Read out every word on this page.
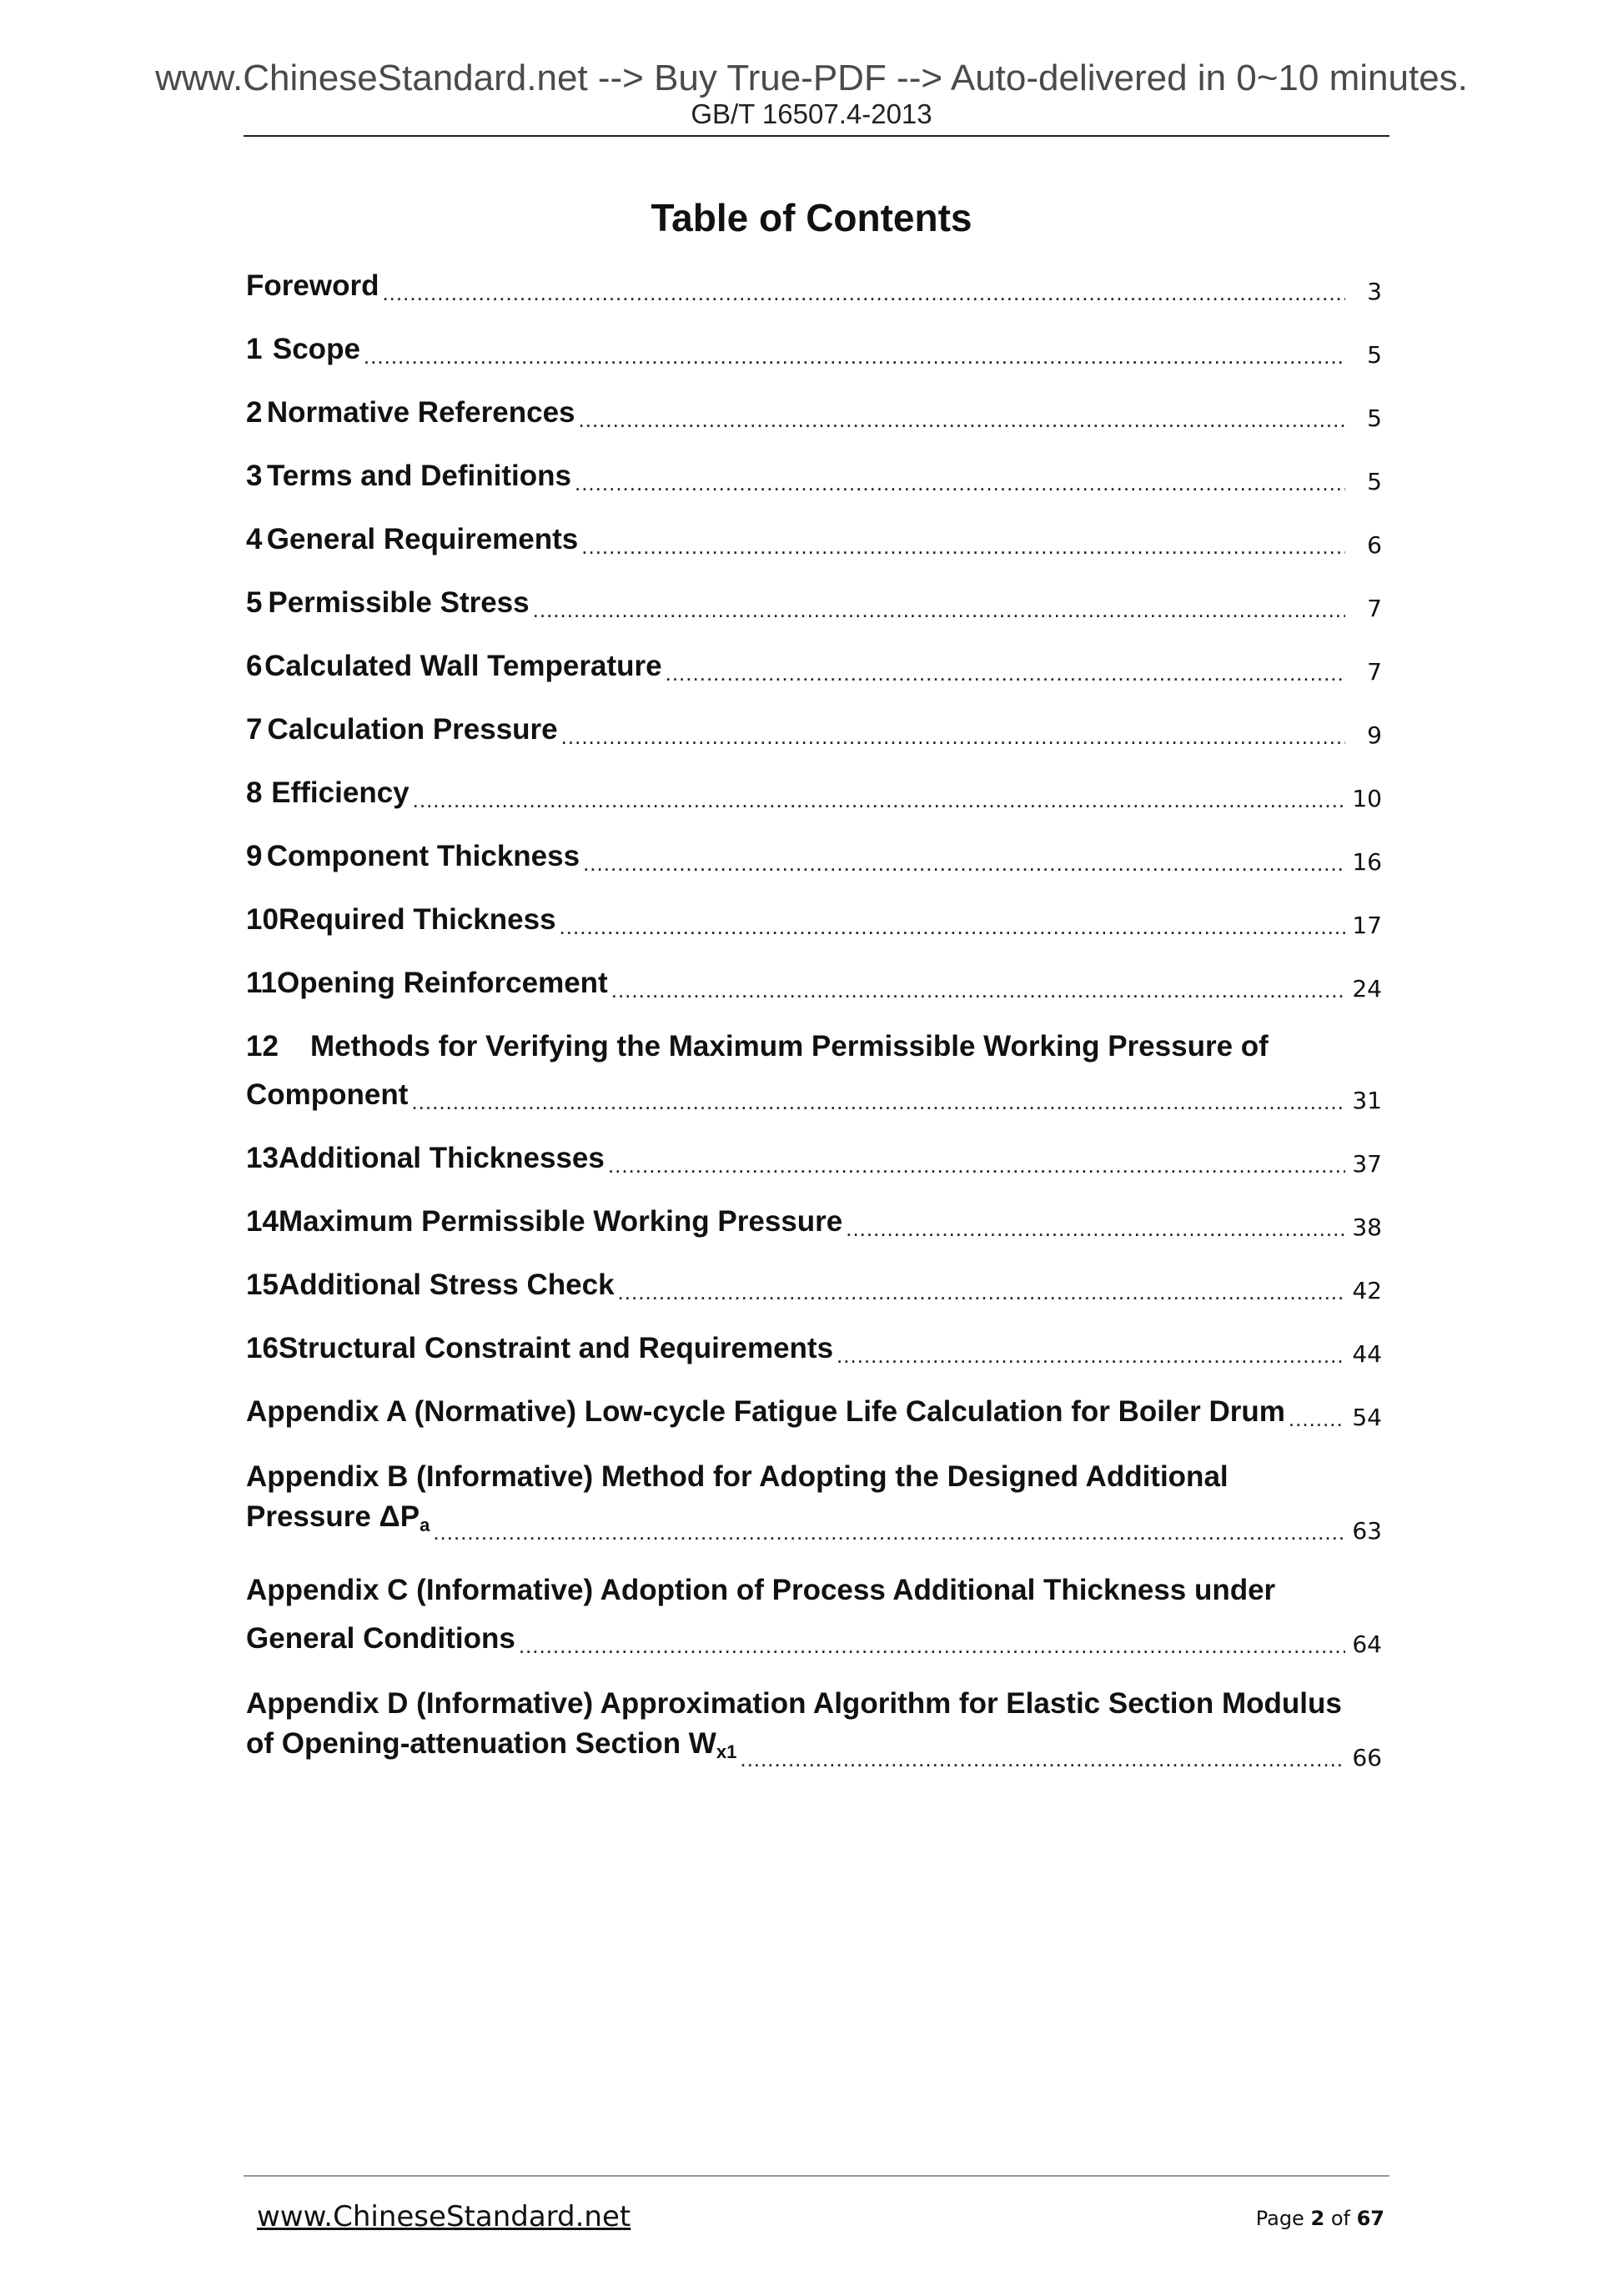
www.ChineseStandard.net --> Buy True-PDF --> Auto-delivered in 0~10 minutes.
GB/T 16507.4-2013
Table of Contents
Foreword .....	3
1 Scope .....	5
2 Normative References .....	5
3 Terms and Definitions .....	5
4 General Requirements .....	6
5 Permissible Stress .....	7
6 Calculated Wall Temperature .....	7
7 Calculation Pressure .....	9
8 Efficiency .....	10
9 Component Thickness .....	16
10 Required Thickness .....	17
11 Opening Reinforcement .....	24
12	Methods for Verifying the Maximum Permissible Working Pressure of
Component .....	31
13 Additional Thicknesses .....	37
14 Maximum Permissible Working Pressure .....	38
15 Additional Stress Check .....	42
16 Structural Constraint and Requirements .....	44
Appendix A (Normative) Low-cycle Fatigue Life Calculation for Boiler Drum .....	54
Appendix B (Informative) Method for Adopting the Designed Additional
Pressure $\Delta P_a$ .....	63
Appendix C (Informative) Adoption of Process Additional Thickness under
General Conditions .....	64
Appendix D (Informative) Approximation Algorithm for Elastic Section Modulus
of Opening-attenuation Section $W_{x1}$ .....	66
www.ChineseStandard.net	Page 2 of 67
